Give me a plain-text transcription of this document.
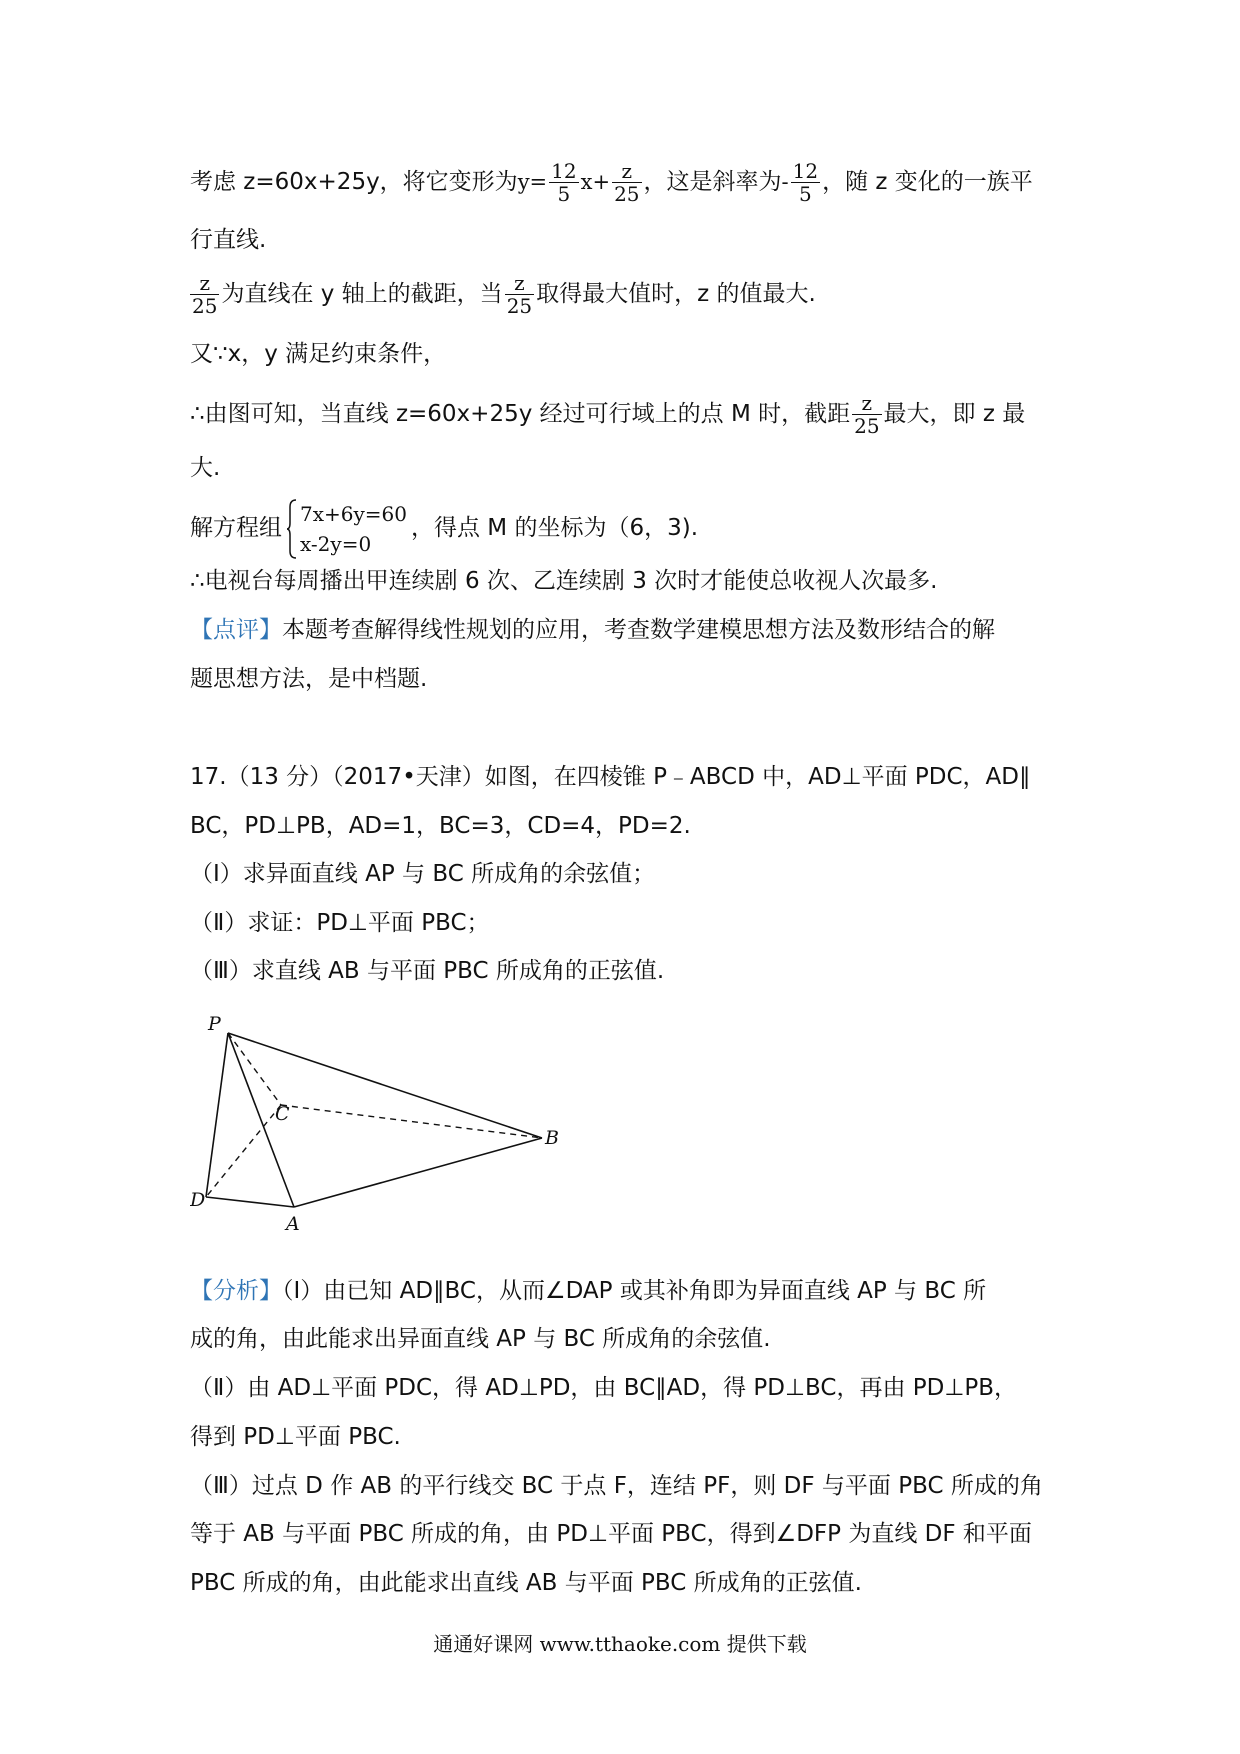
考虑 z=60x+25y，将它变形为$y= \frac{12}{5} x+ \frac{z}{25}$ ，这是斜率为- $\frac{12}{5}$ ，随 z 变化的一族平
行直线.
$\frac{z}{25}$ 为直线在 y 轴上的截距，当 $\frac{z}{25}$ 取得最大值时，z 的值最大.
又∵x，y 满足约束条件，
∴由图可知，当直线 z=60x+25y 经过可行域上的点 M 时，截距 $\frac{z}{25}$ 最大，即 z 最
大.
解方程组
7x+6y=60
x-2y=0
，得点 M 的坐标为（6，3).
∴电视台每周播出甲连续剧 6 次、乙连续剧 3 次时才能使总收视人次最多.
【点评】本题考查解得线性规划的应用，考查数学建模思想方法及数形结合的解
题思想方法，是中档题.
17.（13 分）（2017•天津）如图，在四棱锥 P﹣ABCD 中，AD⊥平面 PDC，AD∥
BC，PD⊥PB，AD=1，BC=3，CD=4，PD=2.
（Ⅰ）求异面直线 AP 与 BC 所成角的余弦值；
（Ⅱ）求证：PD⊥平面 PBC；
（Ⅲ）求直线 AB 与平面 PBC 所成角的正弦值.
P
C
B
D
A
【分析】（Ⅰ）由已知 AD∥BC，从而∠DAP 或其补角即为异面直线 AP 与 BC 所
成的角，由此能求出异面直线 AP 与 BC 所成角的余弦值.
（Ⅱ）由 AD⊥平面 PDC，得 AD⊥PD，由 BC∥AD，得 PD⊥BC，再由 PD⊥PB，
得到 PD⊥平面 PBC.
（Ⅲ）过点 D 作 AB 的平行线交 BC 于点 F，连结 PF，则 DF 与平面 PBC 所成的角
等于 AB 与平面 PBC 所成的角，由 PD⊥平面 PBC，得到∠DFP 为直线 DF 和平面
PBC 所成的角，由此能求出直线 AB 与平面 PBC 所成角的正弦值.
通通好课网 www.tthaoke.com 提供下载
